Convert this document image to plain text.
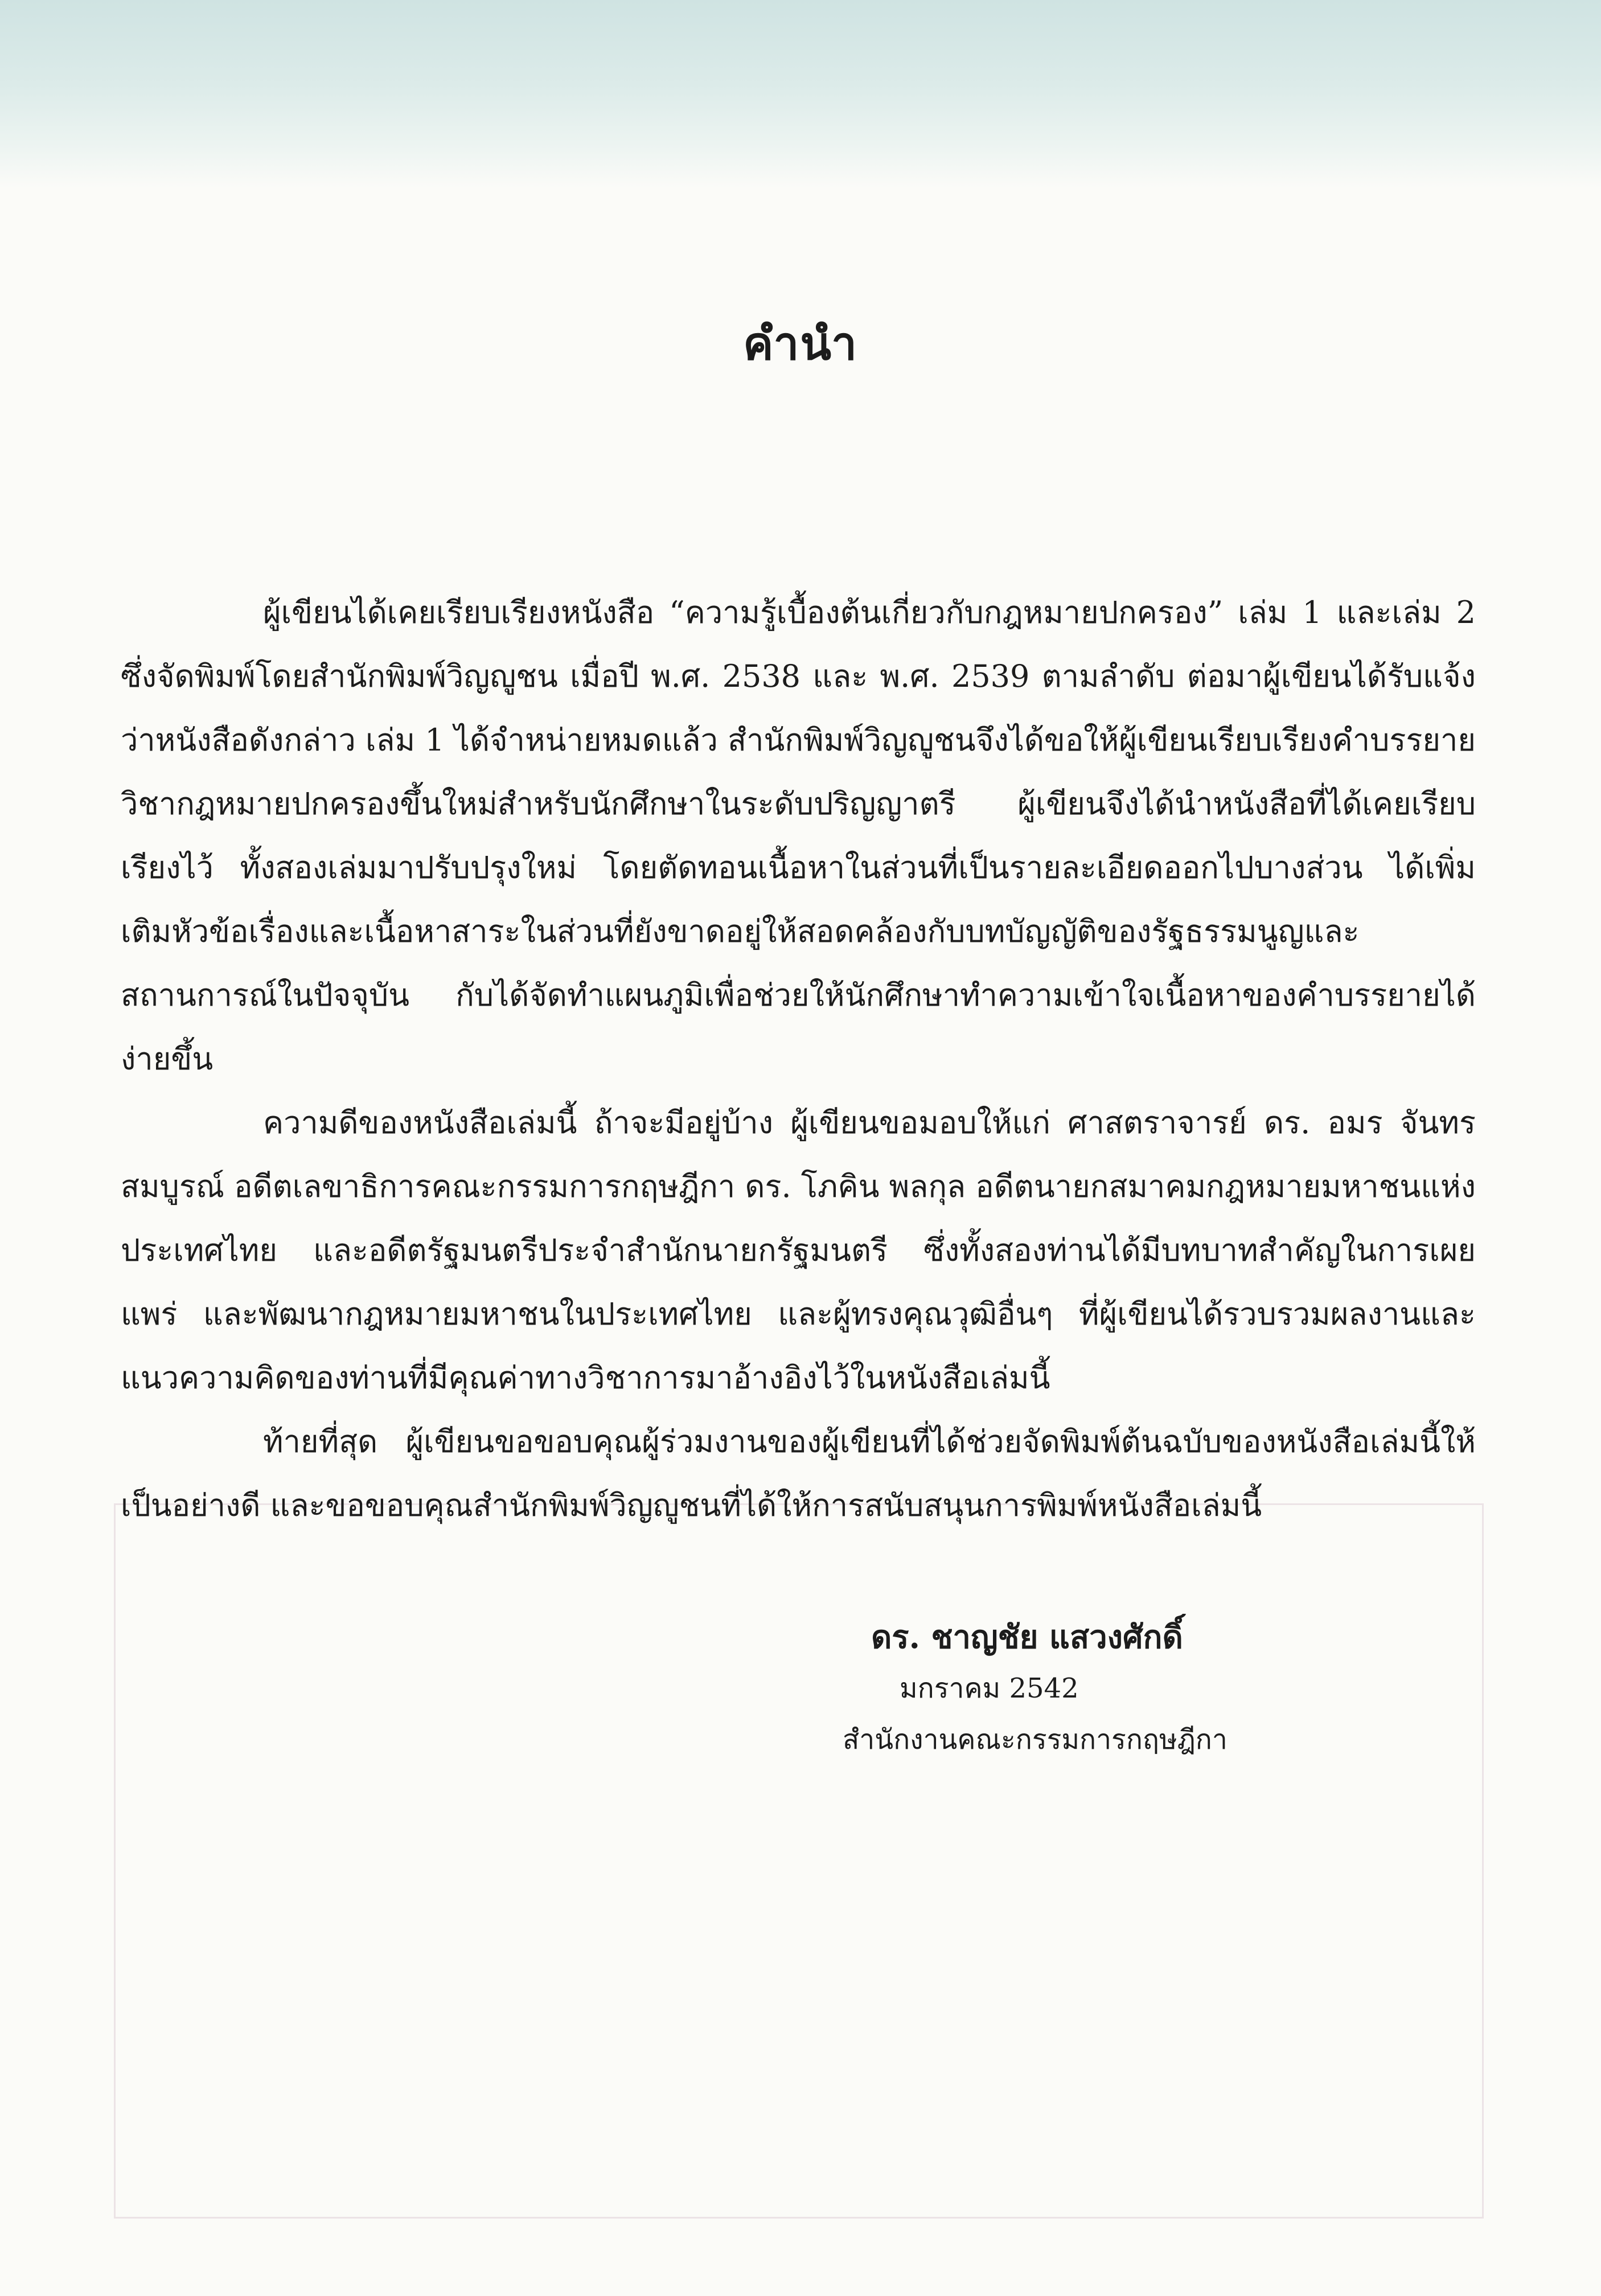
คำนำ

ผู้เขียนได้เคยเรียบเรียงหนังสือ “ความรู้เบื้องต้นเกี่ยวกับกฎหมายปกครอง” เล่ม 1 และเล่ม 2 ซึ่งจัดพิมพ์โดยสำนักพิมพ์วิญญูชน เมื่อปี พ.ศ. 2538 และ พ.ศ. 2539 ตามลำดับ ต่อมาผู้เขียนได้รับแจ้งว่าหนังสือดังกล่าว เล่ม 1 ได้จำหน่ายหมดแล้ว สำนักพิมพ์วิญญูชนจึงได้ขอให้ผู้เขียนเรียบเรียงคำบรรยาย วิชากฎหมายปกครองขึ้นใหม่สำหรับนักศึกษาในระดับปริญญาตรี ผู้เขียนจึงได้นำหนังสือที่ได้เคยเรียบเรียงไว้ ทั้งสองเล่มมาปรับปรุงใหม่ โดยตัดทอนเนื้อหาในส่วนที่เป็นรายละเอียดออกไปบางส่วน ได้เพิ่มเติมหัวข้อเรื่องและเนื้อหาสาระในส่วนที่ยังขาดอยู่ให้สอดคล้องกับบทบัญญัติของรัฐธรรมนูญและสถานการณ์ในปัจจุบัน กับได้จัดทำแผนภูมิเพื่อช่วยให้นักศึกษาทำความเข้าใจเนื้อหาของคำบรรยายได้ง่ายขึ้น

ความดีของหนังสือเล่มนี้ ถ้าจะมีอยู่บ้าง ผู้เขียนขอมอบให้แก่ ศาสตราจารย์ ดร. อมร จันทรสมบูรณ์ อดีตเลขาธิการคณะกรรมการกฤษฎีกา ดร. โภคิน พลกุล อดีตนายกสมาคมกฎหมายมหาชนแห่งประเทศไทย และอดีตรัฐมนตรีประจำสำนักนายกรัฐมนตรี ซึ่งทั้งสองท่านได้มีบทบาทสำคัญในการเผยแพร่ และพัฒนากฎหมายมหาชนในประเทศไทย และผู้ทรงคุณวุฒิอื่นๆ ที่ผู้เขียนได้รวบรวมผลงานและแนวความคิดของท่านที่มีคุณค่าทางวิชาการมาอ้างอิงไว้ในหนังสือเล่มนี้

ท้ายที่สุด ผู้เขียนขอขอบคุณผู้ร่วมงานของผู้เขียนที่ได้ช่วยจัดพิมพ์ต้นฉบับของหนังสือเล่มนี้ให้เป็นอย่างดี และขอขอบคุณสำนักพิมพ์วิญญูชนที่ได้ให้การสนับสนุนการพิมพ์หนังสือเล่มนี้

ดร. ชาญชัย แสวงศักดิ์
มกราคม 2542
สำนักงานคณะกรรมการกฤษฎีกา
